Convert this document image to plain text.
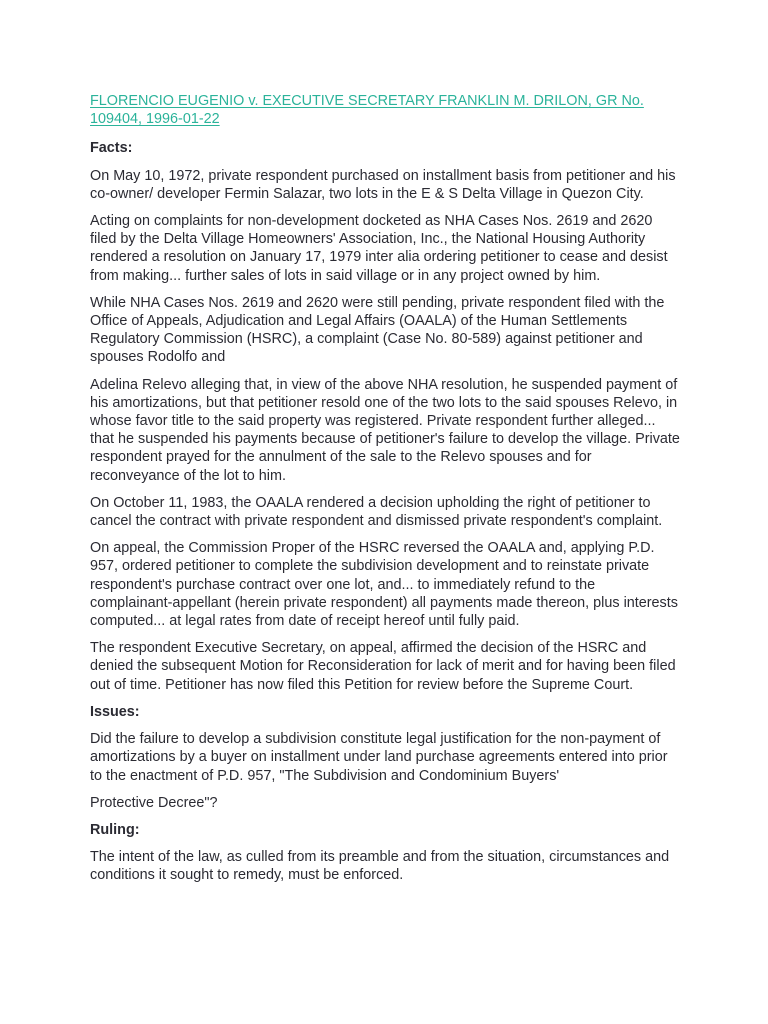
FLORENCIO EUGENIO v. EXECUTIVE SECRETARY FRANKLIN M. DRILON, GR No. 109404, 1996-01-22
Facts:

On May 10, 1972, private respondent purchased on installment basis from petitioner and his co-owner/ developer Fermin Salazar, two lots in the E & S Delta Village in Quezon City.

Acting on complaints for non-development docketed as NHA Cases Nos. 2619 and 2620 filed by the Delta Village Homeowners' Association, Inc., the National Housing Authority rendered a resolution on January 17, 1979 inter alia ordering petitioner to cease and desist from making... further sales of lots in said village or in any project owned by him.

While NHA Cases Nos. 2619 and 2620 were still pending, private respondent filed with the Office of Appeals, Adjudication and Legal Affairs (OAALA) of the Human Settlements Regulatory Commission (HSRC), a complaint (Case No. 80-589) against petitioner and spouses Rodolfo and

Adelina Relevo alleging that, in view of the above NHA resolution, he suspended payment of his amortizations, but that petitioner resold one of the two lots to the said spouses Relevo, in whose favor title to the said property was registered. Private respondent further alleged... that he suspended his payments because of petitioner's failure to develop the village. Private respondent prayed for the annulment of the sale to the Relevo spouses and for reconveyance of the lot to him.

On October 11, 1983, the OAALA rendered a decision upholding the right of petitioner to cancel the contract with private respondent and dismissed private respondent's complaint.

On appeal, the Commission Proper of the HSRC reversed the OAALA and, applying P.D. 957, ordered petitioner to complete the subdivision development and to reinstate private respondent's purchase contract over one lot, and... to immediately refund to the complainant-appellant (herein private respondent) all payments made thereon, plus interests computed... at legal rates from date of receipt hereof until fully paid.

The respondent Executive Secretary, on appeal, affirmed the decision of the HSRC and denied the subsequent Motion for Reconsideration for lack of merit and for having been filed out of time. Petitioner has now filed this Petition for review before the Supreme Court.

Issues:

Did the failure to develop a subdivision constitute legal justification for the non-payment of amortizations by a buyer on installment under land purchase agreements entered into prior to the enactment of P.D. 957, "The Subdivision and Condominium Buyers'

Protective Decree"?

Ruling:

The intent of the law, as culled from its preamble and from the situation, circumstances and conditions it sought to remedy, must be enforced.
